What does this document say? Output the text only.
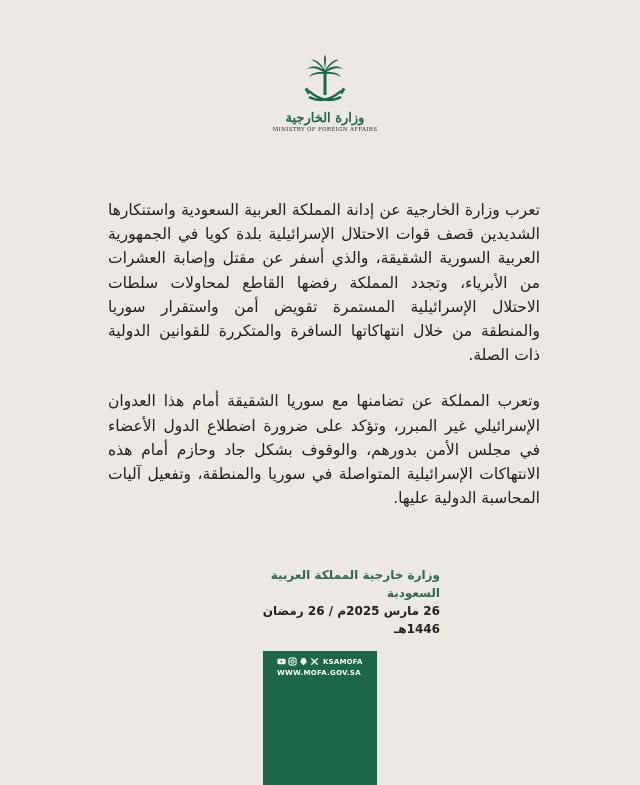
وزارة الخارجية
MINISTRY OF FOREIGN AFFAIRS

تعرب وزارة الخارجية عن إدانة المملكة العربية السعودية واستنكارها الشديدين قصف قوات الاحتلال الإسرائيلية بلدة كويا في الجمهورية العربية السورية الشقيقة، والذي أسفر عن مقتل وإصابة العشرات من الأبرياء، وتجدد المملكة رفضها القاطع لمحاولات سلطات الاحتلال الإسرائيلية المستمرة تقويض أمن واستقرار سوريا والمنطقة من خلال انتهاكاتها السافرة والمتكررة للقوانين الدولية ذات الصلة.

وتعرب المملكة عن تضامنها مع سوريا الشقيقة أمام هذا العدوان الإسرائيلي غير المبرر، وتؤكد على ضرورة اضطلاع الدول الأعضاء في مجلس الأمن بدورهم، والوقوف بشكل جاد وحازم أمام هذه الانتهاكات الإسرائيلية المتواصلة في سوريا والمنطقة، وتفعيل آليات المحاسبة الدولية عليها.

وزارة خارجية المملكة العربية السعودية
26 مارس 2025م / 26 رمضان 1446هـ
KSAMOFA
WWW.MOFA.GOV.SA
